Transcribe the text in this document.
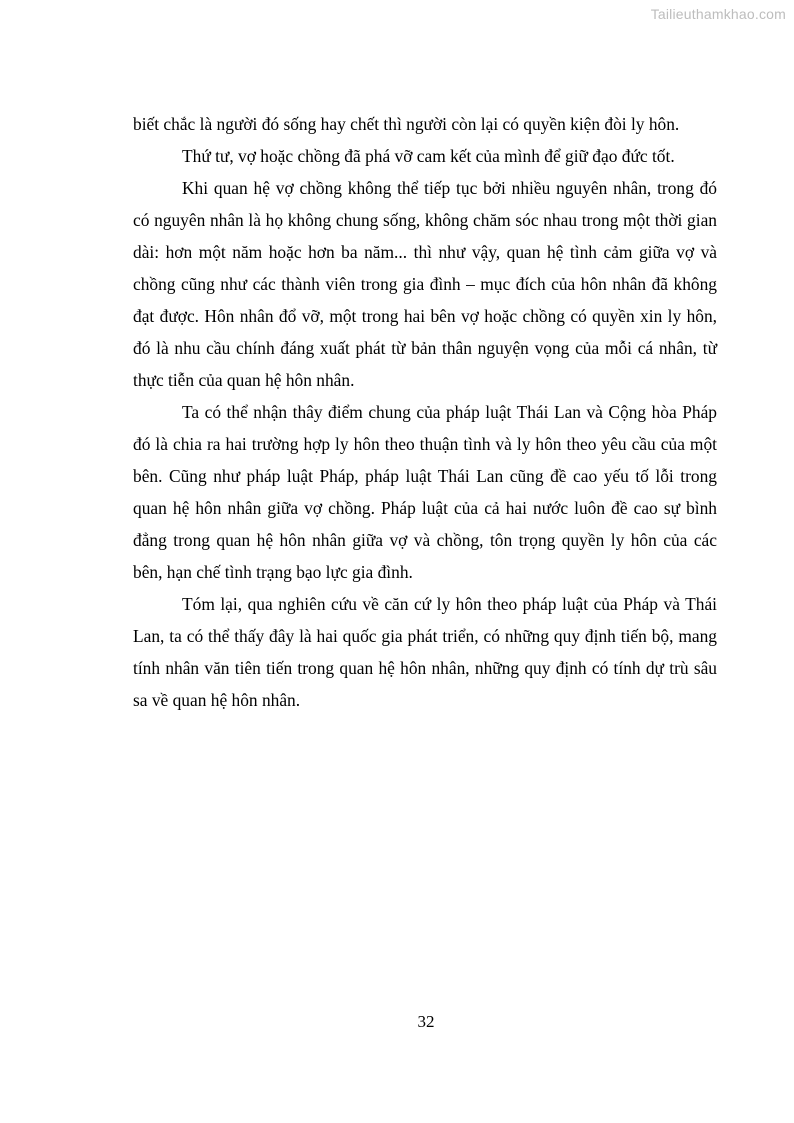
Tailieuthamkhao.com

biết chắc là người đó sống hay chết thì người còn lại có quyền kiện đòi ly hôn.

Thứ tư, vợ hoặc chồng đã phá vỡ cam kết của mình để giữ đạo đức tốt.

Khi quan hệ vợ chồng không thể tiếp tục bởi nhiều nguyên nhân, trong đó có nguyên nhân là họ không chung sống, không chăm sóc nhau trong một thời gian dài: hơn một năm hoặc hơn ba năm... thì như vậy, quan hệ tình cảm giữa vợ và chồng cũng như các thành viên trong gia đình – mục đích của hôn nhân đã không đạt được. Hôn nhân đổ vỡ, một trong hai bên vợ hoặc chồng có quyền xin ly hôn, đó là nhu cầu chính đáng xuất phát từ bản thân nguyện vọng của mỗi cá nhân, từ thực tiễn của quan hệ hôn nhân.

Ta có thể nhận thây điểm chung của pháp luật Thái Lan và Cộng hòa Pháp đó là chia ra hai trường hợp ly hôn theo thuận tình và ly hôn theo yêu cầu của một bên. Cũng như pháp luật Pháp, pháp luật Thái Lan cũng đề cao yếu tố lỗi trong quan hệ hôn nhân giữa vợ chồng. Pháp luật của cả hai nước luôn đề cao sự bình đẳng trong quan hệ hôn nhân giữa vợ và chồng, tôn trọng quyền ly hôn của các bên, hạn chế tình trạng bạo lực gia đình.

Tóm lại, qua nghiên cứu về căn cứ ly hôn theo pháp luật của Pháp và Thái Lan, ta có thể thấy đây là hai quốc gia phát triển, có những quy định tiến bộ, mang tính nhân văn tiên tiến trong quan hệ hôn nhân, những quy định có tính dự trù sâu sa về quan hệ hôn nhân.

32
